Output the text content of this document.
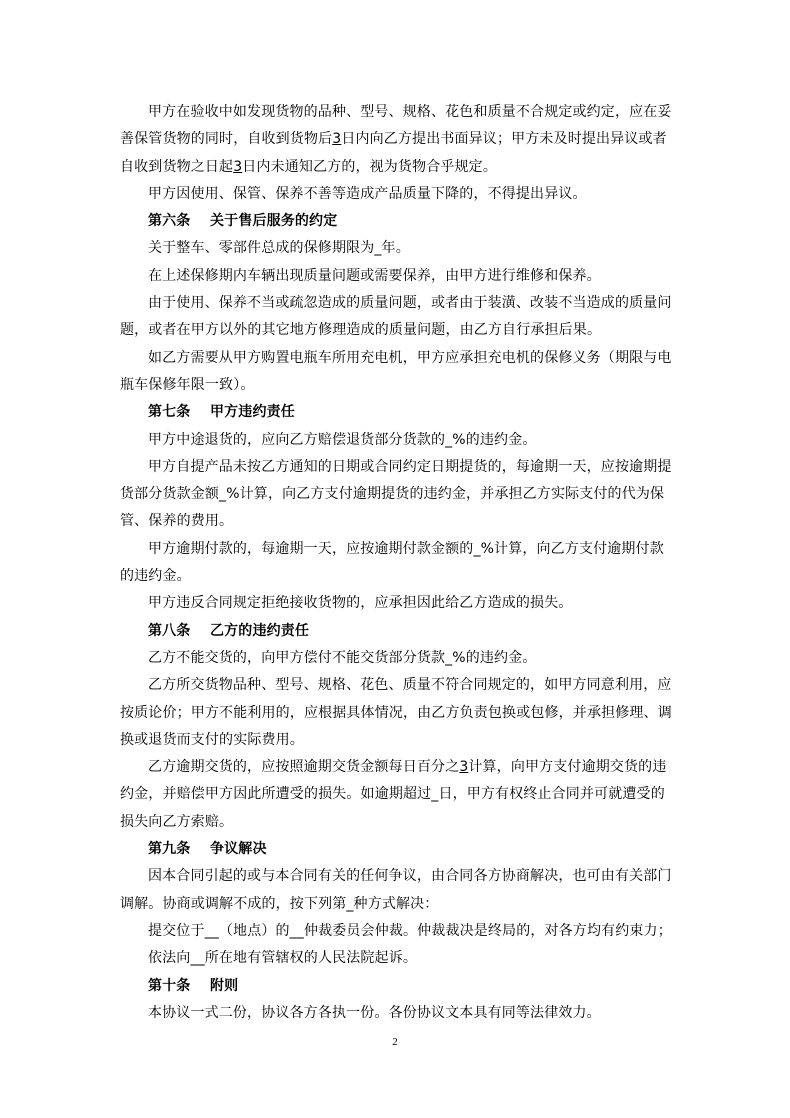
甲方在验收中如发现货物的品种、型号、规格、花色和质量不合规定或约定，应在妥
善保管货物的同时，自收到货物后3日内向乙方提出书面异议；甲方未及时提出异议或者
自收到货物之日起3日内未通知乙方的，视为货物合乎规定。
甲方因使用、保管、保养不善等造成产品质量下降的，不得提出异议。
第六条 关于售后服务的约定
关于整车、零部件总成的保修期限为_年。
在上述保修期内车辆出现质量问题或需要保养，由甲方进行维修和保养。
由于使用、保养不当或疏忽造成的质量问题，或者由于装潢、改装不当造成的质量问
题，或者在甲方以外的其它地方修理造成的质量问题，由乙方自行承担后果。
如乙方需要从甲方购置电瓶车所用充电机，甲方应承担充电机的保修义务（期限与电
瓶车保修年限一致）。
第七条 甲方违约责任
甲方中途退货的，应向乙方赔偿退货部分货款的_%的违约金。
甲方自提产品未按乙方通知的日期或合同约定日期提货的，每逾期一天，应按逾期提
货部分货款金额_%计算，向乙方支付逾期提货的违约金，并承担乙方实际支付的代为保
管、保养的费用。
甲方逾期付款的，每逾期一天，应按逾期付款金额的_%计算，向乙方支付逾期付款
的违约金。
甲方违反合同规定拒绝接收货物的，应承担因此给乙方造成的损失。
第八条 乙方的违约责任
乙方不能交货的，向甲方偿付不能交货部分货款_%的违约金。
乙方所交货物品种、型号、规格、花色、质量不符合同规定的，如甲方同意利用，应
按质论价；甲方不能利用的，应根据具体情况，由乙方负责包换或包修，并承担修理、调
换或退货而支付的实际费用。
乙方逾期交货的，应按照逾期交货金额每日百分之3计算，向甲方支付逾期交货的违
约金，并赔偿甲方因此所遭受的损失。如逾期超过_日，甲方有权终止合同并可就遭受的
损失向乙方索赔。
第九条 争议解决
因本合同引起的或与本合同有关的任何争议，由合同各方协商解决，也可由有关部门
调解。协商或调解不成的，按下列第_种方式解决：
提交位于__（地点）的__仲裁委员会仲裁。仲裁裁决是终局的，对各方均有约束力；
依法向__所在地有管辖权的人民法院起诉。
第十条 附则
本协议一式二份，协议各方各执一份。各份协议文本具有同等法律效力。
2
